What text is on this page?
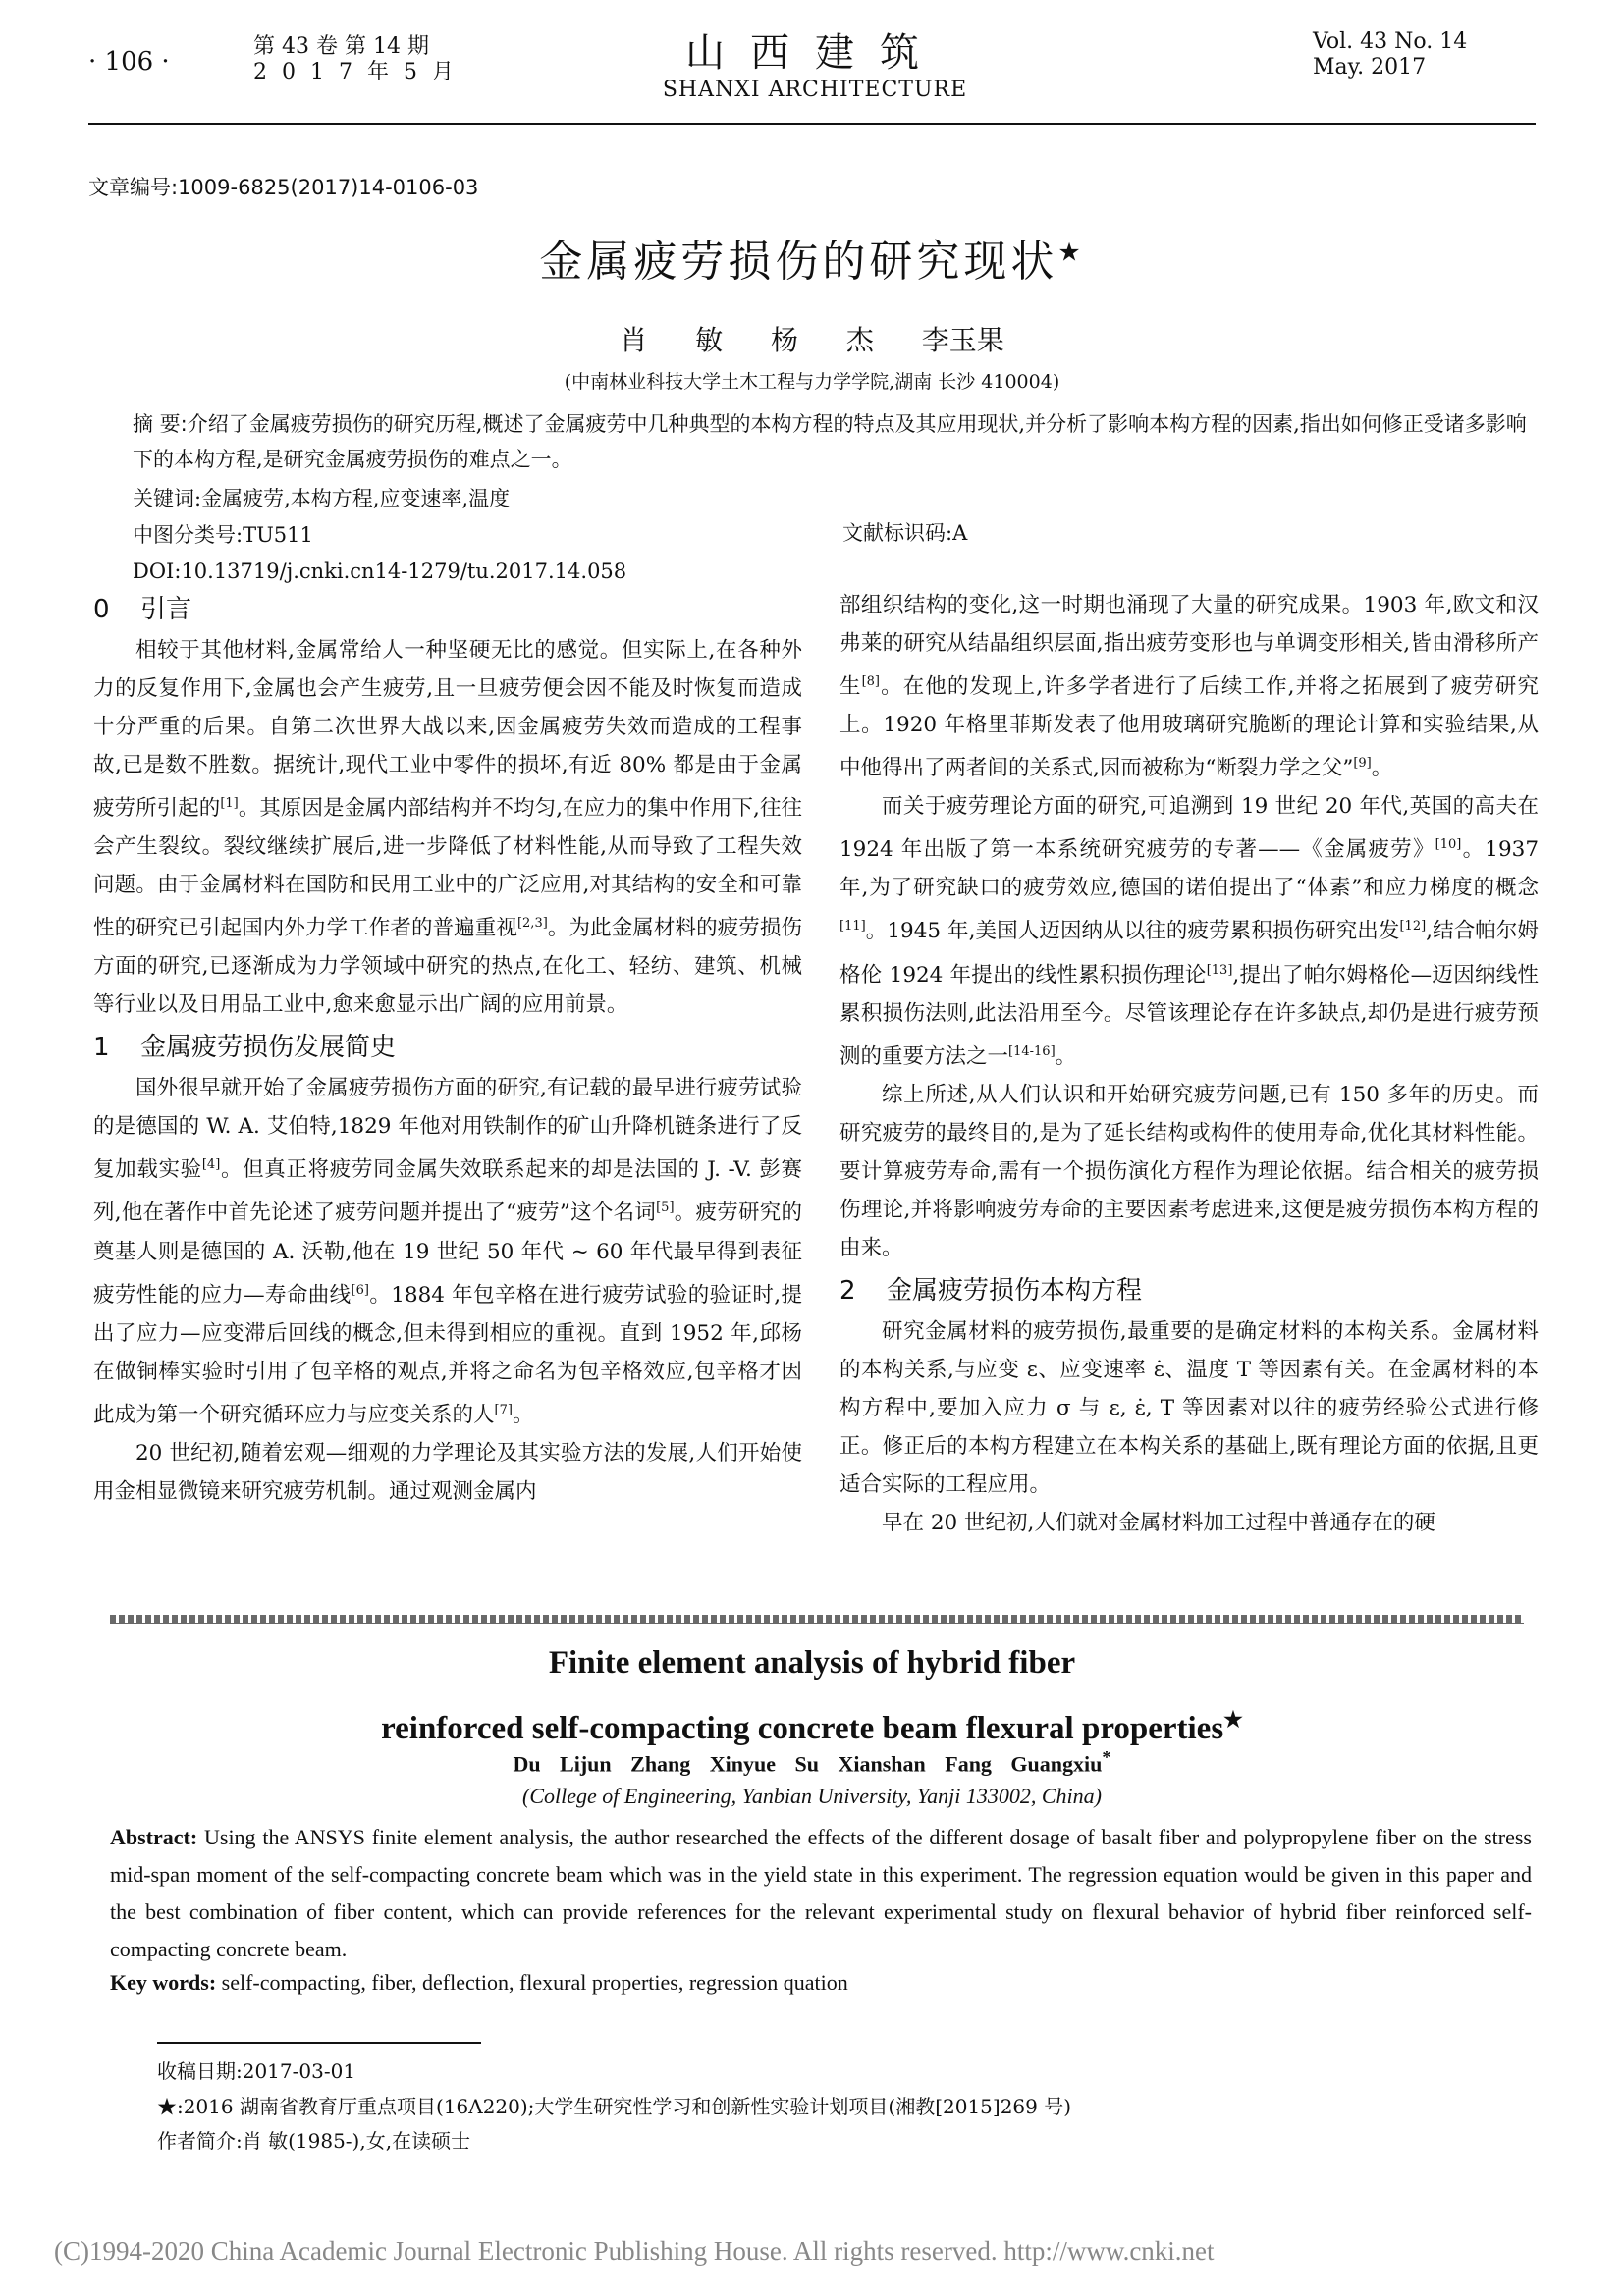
· 106 ·
第 43 卷 第 14 期
2 0 1 7 年 5 月	山西建筑
SHANXI ARCHITECTURE
Vol. 43 No. 14
May. 2017
文章编号:1009-6825(2017)14-0106-03
金属疲劳损伤的研究现状★
肖 敏 杨 杰 李玉果
(中南林业科技大学土木工程与力学学院,湖南 长沙 410004)
摘 要:介绍了金属疲劳损伤的研究历程,概述了金属疲劳中几种典型的本构方程的特点及其应用现状,并分析了影响本构方程的因素,指出如何修正受诸多影响下的本构方程,是研究金属疲劳损伤的难点之一。
关键词:金属疲劳,本构方程,应变速率,温度
中图分类号:TU511	文献标识码:A
DOI:10.13719/j.cnki.cn14-1279/tu.2017.14.058
0 引言

相较于其他材料,金属常给人一种坚硬无比的感觉。但实际上,在各种外力的反复作用下,金属也会产生疲劳,且一旦疲劳便会因不能及时恢复而造成十分严重的后果。自第二次世界大战以来,因金属疲劳失效而造成的工程事故,已是数不胜数。据统计,现代工业中零件的损坏,有近 80% 都是由于金属疲劳所引起的[1]。其原因是金属内部结构并不均匀,在应力的集中作用下,往往会产生裂纹。裂纹继续扩展后,进一步降低了材料性能,从而导致了工程失效问题。由于金属材料在国防和民用工业中的广泛应用,对其结构的安全和可靠性的研究已引起国内外力学工作者的普遍重视[2,3]。为此金属材料的疲劳损伤方面的研究,已逐渐成为力学领域中研究的热点,在化工、轻纺、建筑、机械等行业以及日用品工业中,愈来愈显示出广阔的应用前景。

1 金属疲劳损伤发展简史

国外很早就开始了金属疲劳损伤方面的研究,有记载的最早进行疲劳试验的是德国的 W. A. 艾伯特,1829 年他对用铁制作的矿山升降机链条进行了反复加载实验[4]。但真正将疲劳同金属失效联系起来的却是法国的 J. -V. 彭赛列,他在著作中首先论述了疲劳问题并提出了“疲劳”这个名词[5]。疲劳研究的奠基人则是德国的 A. 沃勒,他在 19 世纪 50 年代 ~ 60 年代最早得到表征疲劳性能的应力—寿命曲线[6]。1884 年包辛格在进行疲劳试验的验证时,提出了应力—应变滞后回线的概念,但未得到相应的重视。直到 1952 年,邱杨在做铜棒实验时引用了包辛格的观点,并将之命名为包辛格效应,包辛格才因此成为第一个研究循环应力与应变关系的人[7]。

20 世纪初,随着宏观—细观的力学理论及其实验方法的发展,人们开始使用金相显微镜来研究疲劳机制。通过观测金属内

部组织结构的变化,这一时期也涌现了大量的研究成果。1903 年,欧文和汉弗莱的研究从结晶组织层面,指出疲劳变形也与单调变形相关,皆由滑移所产生[8]。在他的发现上,许多学者进行了后续工作,并将之拓展到了疲劳研究上。1920 年格里菲斯发表了他用玻璃研究脆断的理论计算和实验结果,从中他得出了两者间的关系式,因而被称为“断裂力学之父”[9]。

而关于疲劳理论方面的研究,可追溯到 19 世纪 20 年代,英国的高夫在 1924 年出版了第一本系统研究疲劳的专著——《金属疲劳》[10]。1937 年,为了研究缺口的疲劳效应,德国的诺伯提出了“体素”和应力梯度的概念[11]。1945 年,美国人迈因纳从以往的疲劳累积损伤研究出发[12],结合帕尔姆格伦 1924 年提出的线性累积损伤理论[13],提出了帕尔姆格伦—迈因纳线性累积损伤法则,此法沿用至今。尽管该理论存在许多缺点,却仍是进行疲劳预测的重要方法之一[14-16]。

综上所述,从人们认识和开始研究疲劳问题,已有 150 多年的历史。而研究疲劳的最终目的,是为了延长结构或构件的使用寿命,优化其材料性能。要计算疲劳寿命,需有一个损伤演化方程作为理论依据。结合相关的疲劳损伤理论,并将影响疲劳寿命的主要因素考虑进来,这便是疲劳损伤本构方程的由来。

2 金属疲劳损伤本构方程

研究金属材料的疲劳损伤,最重要的是确定材料的本构关系。金属材料的本构关系,与应变 ε、应变速率 ε̇、温度 T 等因素有关。在金属材料的本构方程中,要加入应力 σ 与 ε, ε̇, T 等因素对以往的疲劳经验公式进行修正。修正后的本构方程建立在本构关系的基础上,既有理论方面的依据,且更适合实际的工程应用。

早在 20 世纪初,人们就对金属材料加工过程中普通存在的硬

Finite element analysis of hybrid fiber
reinforced self-compacting concrete beam flexural properties★
Du Lijun Zhang Xinyue Su Xianshan Fang Guangxiu*
(College of Engineering, Yanbian University, Yanji 133002, China)
Abstract: Using the ANSYS finite element analysis, the author researched the effects of the different dosage of basalt fiber and polypropylene fiber on the stress mid-span moment of the self-compacting concrete beam which was in the yield state in this experiment. The regression equation would be given in this paper and the best combination of fiber content, which can provide references for the relevant experimental study on flexural behavior of hybrid fiber reinforced self-compacting concrete beam.
Key words: self-compacting, fiber, deflection, flexural properties, regression quation
收稿日期:2017-03-01
★:2016 湖南省教育厅重点项目(16A220);大学生研究性学习和创新性实验计划项目(湘教[2015]269 号)
作者简介:肖 敏(1985-),女,在读硕士
(C)1994-2020 China Academic Journal Electronic Publishing House. All rights reserved. http://www.cnki.net
